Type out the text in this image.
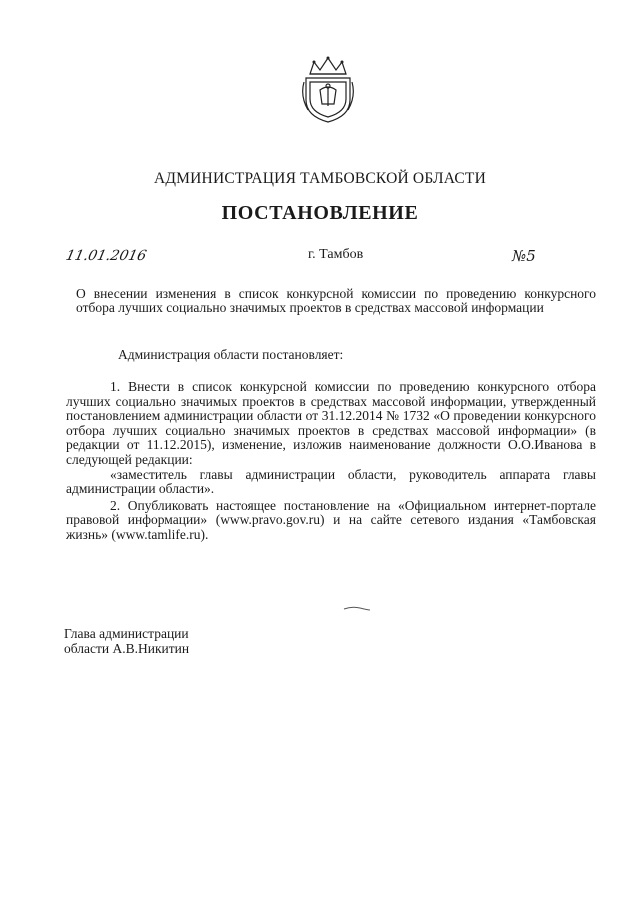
АДМИНИСТРАЦИЯ ТАМБОВСКОЙ ОБЛАСТИ
ПОСТАНОВЛЕНИЕ
11.01.2016	г. Тамбов	№5
О внесении изменения в список конкурсной комиссии по проведению конкурсного отбора лучших социально значимых проектов в средствах массовой информации
Администрация области постановляет:

1. Внести в список конкурсной комиссии по проведению конкурсного отбора лучших социально значимых проектов в средствах массовой информации, утвержденный постановлением администрации области от 31.12.2014 № 1732 «О проведении конкурсного отбора лучших социально значимых проектов в средствах массовой информации» (в редакции от 11.12.2015), изменение, изложив наименование должности О.О.Иванова в следующей редакции:

«заместитель главы администрации области, руководитель аппарата главы администрации области».

2. Опубликовать настоящее постановление на «Официальном интернет-портале правовой информации» (www.pravo.gov.ru) и на сайте сетевого издания «Тамбовская жизнь» (www.tamlife.ru).

Глава администрации
области А.В.Никитин
